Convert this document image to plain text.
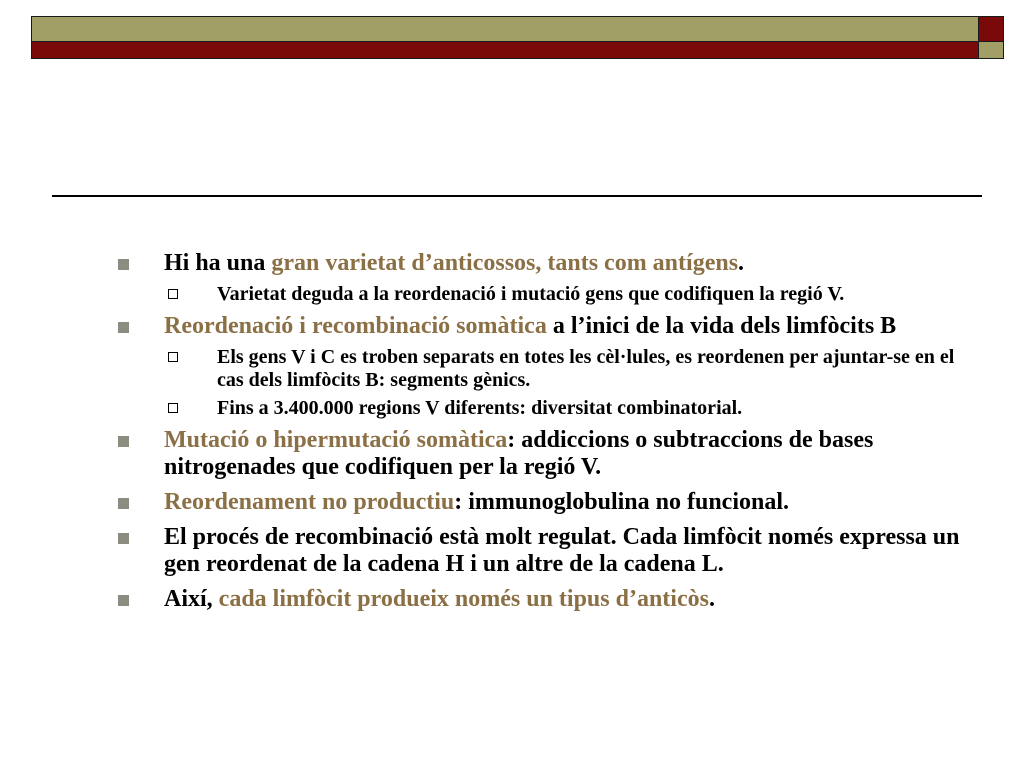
Hi ha una gran varietat d’anticossos, tants com antígens.
Varietat deguda a la reordenació i mutació gens que codifiquen la regió V.
Reordenació i recombinació somàtica a l’inici de la vida dels limfòcits B
Els gens V i C es troben separats en totes les cèl·lules, es reordenen per ajuntar-se en el cas dels limfòcits B: segments gènics.
Fins a 3.400.000 regions V diferents: diversitat combinatorial.
Mutació o hipermutació somàtica: addiccions o subtraccions de bases nitrogenades que codifiquen per la regió V.
Reordenament no productiu: immunoglobulina no funcional.
El procés de recombinació està molt regulat. Cada limfòcit només expressa un gen reordenat de la cadena H i un altre de la cadena L.
Així, cada limfòcit produeix només un tipus d’anticòs.
